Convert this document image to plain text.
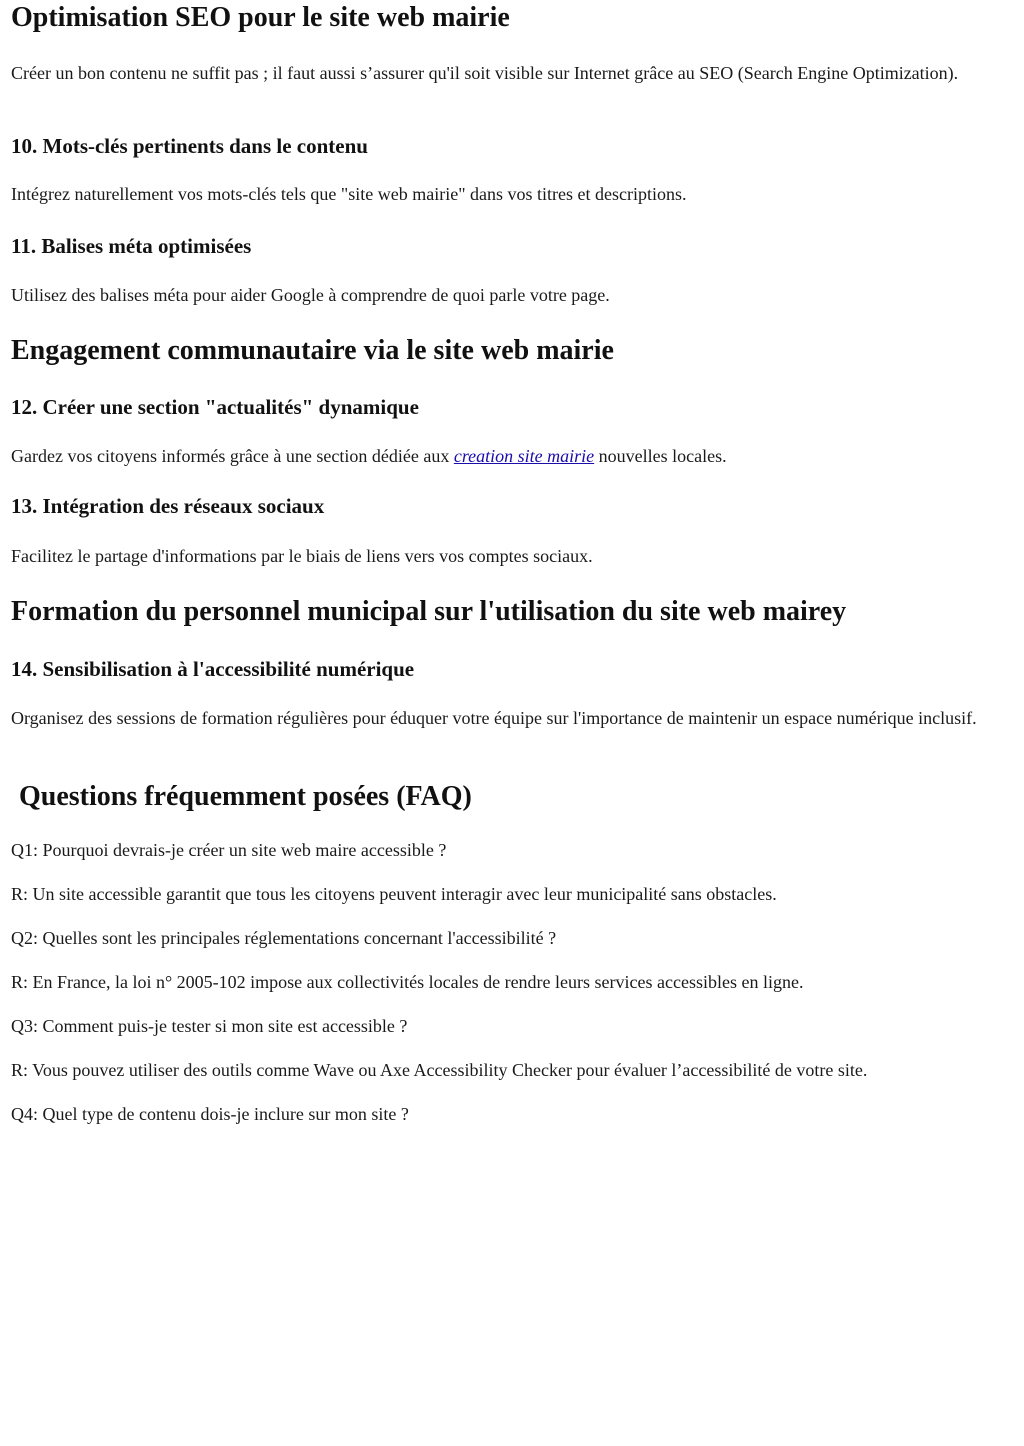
Optimisation SEO pour le site web mairie

Créer un bon contenu ne suffit pas ; il faut aussi s’assurer qu'il soit visible sur Internet grâce au SEO (Search Engine Optimization).

10. Mots-clés pertinents dans le contenu

Intégrez naturellement vos mots-clés tels que "site web mairie" dans vos titres et descriptions.

11. Balises méta optimisées

Utilisez des balises méta pour aider Google à comprendre de quoi parle votre page.

Engagement communautaire via le site web mairie
12. Créer une section "actualités" dynamique

Gardez vos citoyens informés grâce à une section dédiée aux creation site mairie nouvelles locales.

13. Intégration des réseaux sociaux

Facilitez le partage d'informations par le biais de liens vers vos comptes sociaux.

Formation du personnel municipal sur l'utilisation du site web mairey
14. Sensibilisation à l'accessibilité numérique

Organisez des sessions de formation régulières pour éduquer votre équipe sur l'importance de maintenir un espace numérique inclusif.

Questions fréquemment posées (FAQ)

Q1: Pourquoi devrais-je créer un site web maire accessible ?

R: Un site accessible garantit que tous les citoyens peuvent interagir avec leur municipalité sans obstacles.

Q2: Quelles sont les principales réglementations concernant l'accessibilité ?

R: En France, la loi n° 2005-102 impose aux collectivités locales de rendre leurs services accessibles en ligne.

Q3: Comment puis-je tester si mon site est accessible ?

R: Vous pouvez utiliser des outils comme Wave ou Axe Accessibility Checker pour évaluer l’accessibilité de votre site.

Q4: Quel type de contenu dois-je inclure sur mon site ?
